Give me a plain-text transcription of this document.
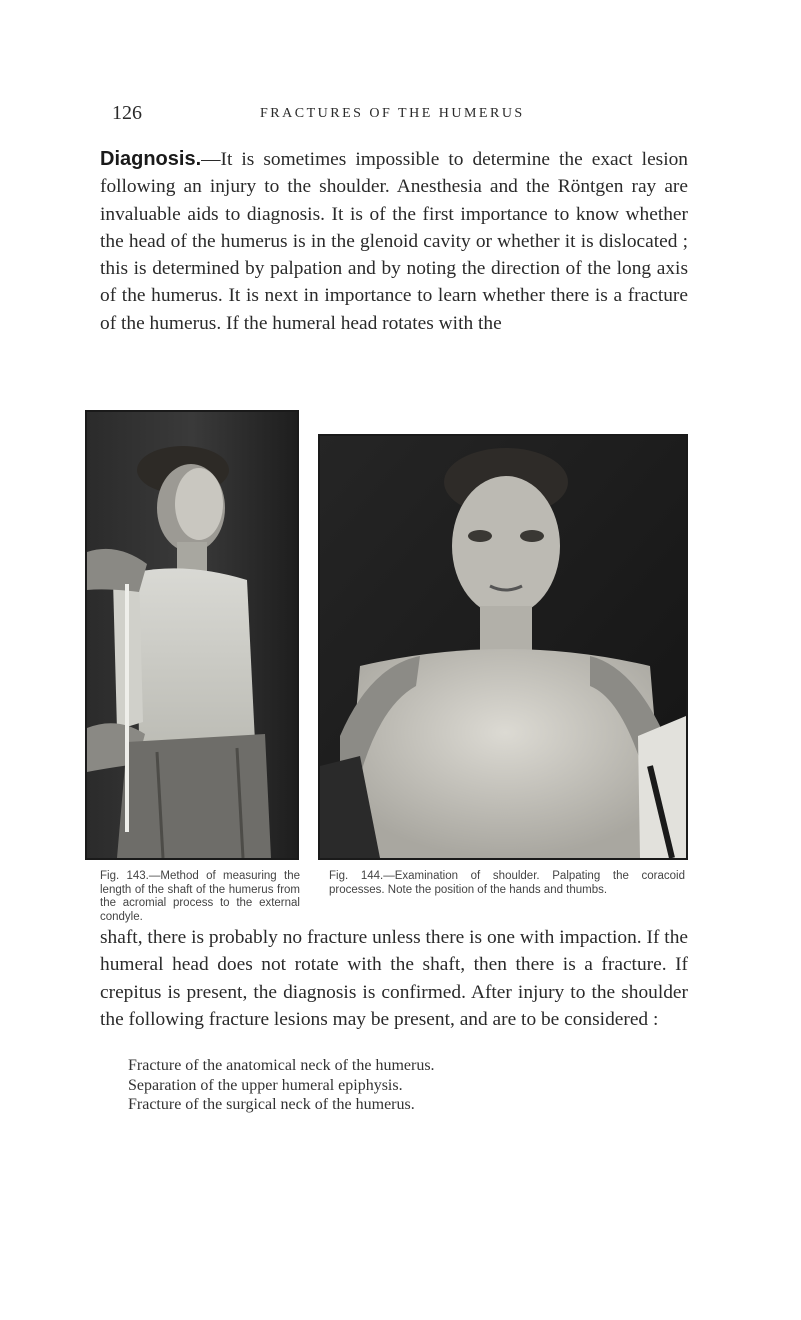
126	FRACTURES OF THE HUMERUS

Diagnosis.—It is sometimes impossible to determine the exact lesion following an injury to the shoulder. Anesthesia and the Röntgen ray are invaluable aids to diagnosis. It is of the first importance to know whether the head of the humerus is in the glenoid cavity or whether it is dislocated ; this is determined by palpation and by noting the direction of the long axis of the humerus. It is next in importance to learn whether there is a fracture of the humerus. If the humeral head rotates with the

Fig. 143.—Method of measuring the length of the shaft of the humerus from the acromial process to the external condyle.

Fig. 144.—Examination of shoulder. Palpating the coracoid processes. Note the position of the hands and thumbs.

shaft, there is probably no fracture unless there is one with impaction. If the humeral head does not rotate with the shaft, then there is a fracture. If crepitus is present, the diagnosis is confirmed. After injury to the shoulder the following fracture lesions may be present, and are to be considered :

Fracture of the anatomical neck of the humerus.
Separation of the upper humeral epiphysis.
Fracture of the surgical neck of the humerus.
